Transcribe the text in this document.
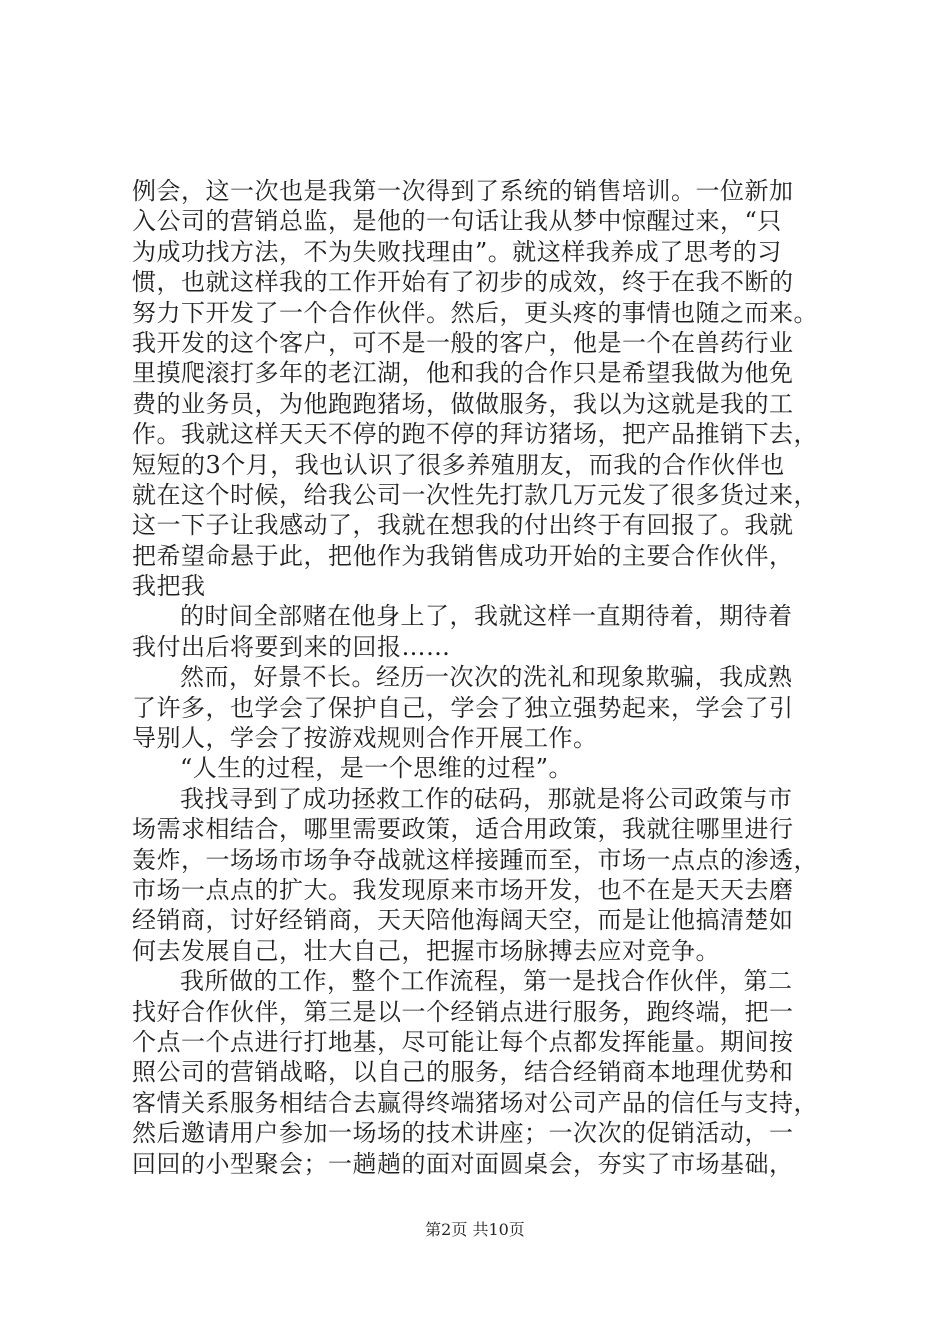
例会，这一次也是我第一次得到了系统的销售培训。一位新加
入公司的营销总监，是他的一句话让我从梦中惊醒过来，“只
为成功找方法，不为失败找理由”。就这样我养成了思考的习
惯，也就这样我的工作开始有了初步的成效，终于在我不断的
努力下开发了一个合作伙伴。然后，更头疼的事情也随之而来。
我开发的这个客户，可不是一般的客户，他是一个在兽药行业
里摸爬滚打多年的老江湖，他和我的合作只是希望我做为他免
费的业务员，为他跑跑猪场，做做服务，我以为这就是我的工
作。我就这样天天不停的跑不停的拜访猪场，把产品推销下去，
短短的3个月，我也认识了很多养殖朋友，而我的合作伙伴也
就在这个时候，给我公司一次性先打款几万元发了很多货过来，
这一下子让我感动了，我就在想我的付出终于有回报了。我就
把希望命悬于此，把他作为我销售成功开始的主要合作伙伴，
我把我
的时间全部赌在他身上了，我就这样一直期待着，期待着
我付出后将要到来的回报……
然而，好景不长。经历一次次的洗礼和现象欺骗，我成熟
了许多，也学会了保护自己，学会了独立强势起来，学会了引
导别人，学会了按游戏规则合作开展工作。
“人生的过程，是一个思维的过程”。
我找寻到了成功拯救工作的砝码，那就是将公司政策与市
场需求相结合，哪里需要政策，适合用政策，我就往哪里进行
轰炸，一场场市场争夺战就这样接踵而至，市场一点点的渗透，
市场一点点的扩大。我发现原来市场开发，也不在是天天去磨
经销商，讨好经销商，天天陪他海阔天空，而是让他搞清楚如
何去发展自己，壮大自己，把握市场脉搏去应对竞争。
我所做的工作，整个工作流程，第一是找合作伙伴，第二
找好合作伙伴，第三是以一个经销点进行服务，跑终端，把一
个点一个点进行打地基，尽可能让每个点都发挥能量。期间按
照公司的营销战略，以自己的服务，结合经销商本地理优势和
客情关系服务相结合去赢得终端猪场对公司产品的信任与支持，
然后邀请用户参加一场场的技术讲座；一次次的促销活动，一
回回的小型聚会；一趟趟的面对面圆桌会，夯实了市场基础，
第2页 共10页
